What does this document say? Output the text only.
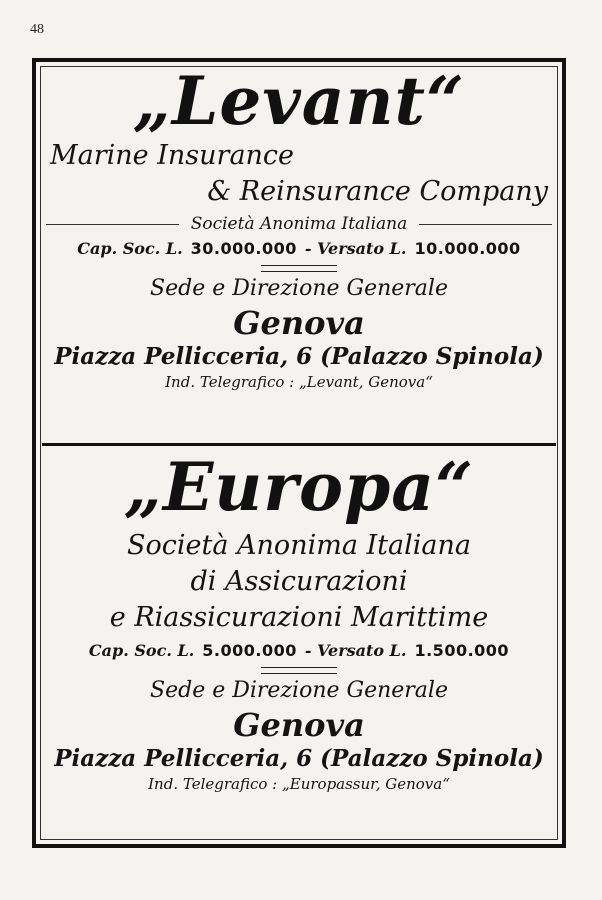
48
„Levant“
Marine Insurance
& Reinsurance Company
Società Anonima Italiana
Cap. Soc. L. 30.000.000 - Versato L. 10.000.000
Sede e Direzione Generale
Genova
Piazza Pellicceria, 6 (Palazzo Spinola)
Ind. Telegrafico : „Levant, Genova“
„Europa“
Società Anonima Italiana
di Assicurazioni
e Riassicurazioni Marittime
Cap. Soc. L. 5.000.000 - Versato L. 1.500.000
Sede e Direzione Generale
Genova
Piazza Pellicceria, 6 (Palazzo Spinola)
Ind. Telegrafico : „Europassur, Genova“
